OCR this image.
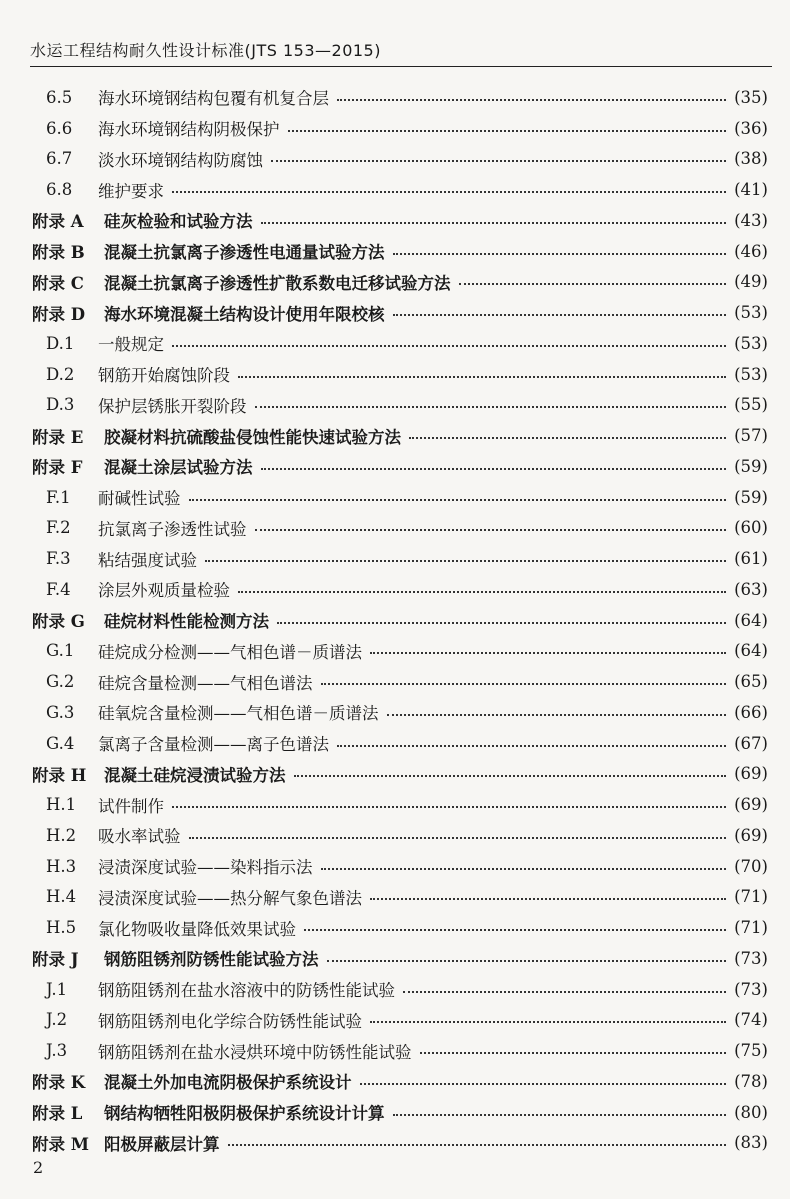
水运工程结构耐久性设计标准(JTS 153—2015)
6.5	海水环境钢结构包覆有机复合层	(35)
6.6	海水环境钢结构阴极保护	(36)
6.7	淡水环境钢结构防腐蚀	(38)
6.8	维护要求	(41)
附录 A	硅灰检验和试验方法	(43)
附录 B	混凝土抗氯离子渗透性电通量试验方法	(46)
附录 C	混凝土抗氯离子渗透性扩散系数电迁移试验方法	(49)
附录 D	海水环境混凝土结构设计使用年限校核	(53)
D.1	一般规定	(53)
D.2	钢筋开始腐蚀阶段	(53)
D.3	保护层锈胀开裂阶段	(55)
附录 E	胶凝材料抗硫酸盐侵蚀性能快速试验方法	(57)
附录 F	混凝土涂层试验方法	(59)
F.1	耐碱性试验	(59)
F.2	抗氯离子渗透性试验	(60)
F.3	粘结强度试验	(61)
F.4	涂层外观质量检验	(63)
附录 G	硅烷材料性能检测方法	(64)
G.1	硅烷成分检测——气相色谱－质谱法	(64)
G.2	硅烷含量检测——气相色谱法	(65)
G.3	硅氧烷含量检测——气相色谱－质谱法	(66)
G.4	氯离子含量检测——离子色谱法	(67)
附录 H	混凝土硅烷浸渍试验方法	(69)
H.1	试件制作	(69)
H.2	吸水率试验	(69)
H.3	浸渍深度试验——染料指示法	(70)
H.4	浸渍深度试验——热分解气象色谱法	(71)
H.5	氯化物吸收量降低效果试验	(71)
附录 J	钢筋阻锈剂防锈性能试验方法	(73)
J.1	钢筋阻锈剂在盐水溶液中的防锈性能试验	(73)
J.2	钢筋阻锈剂电化学综合防锈性能试验	(74)
J.3	钢筋阻锈剂在盐水浸烘环境中防锈性能试验	(75)
附录 K	混凝土外加电流阴极保护系统设计	(78)
附录 L	钢结构牺牲阳极阴极保护系统设计计算	(80)
附录 M 阳极屏蔽层计算	(83)
2
